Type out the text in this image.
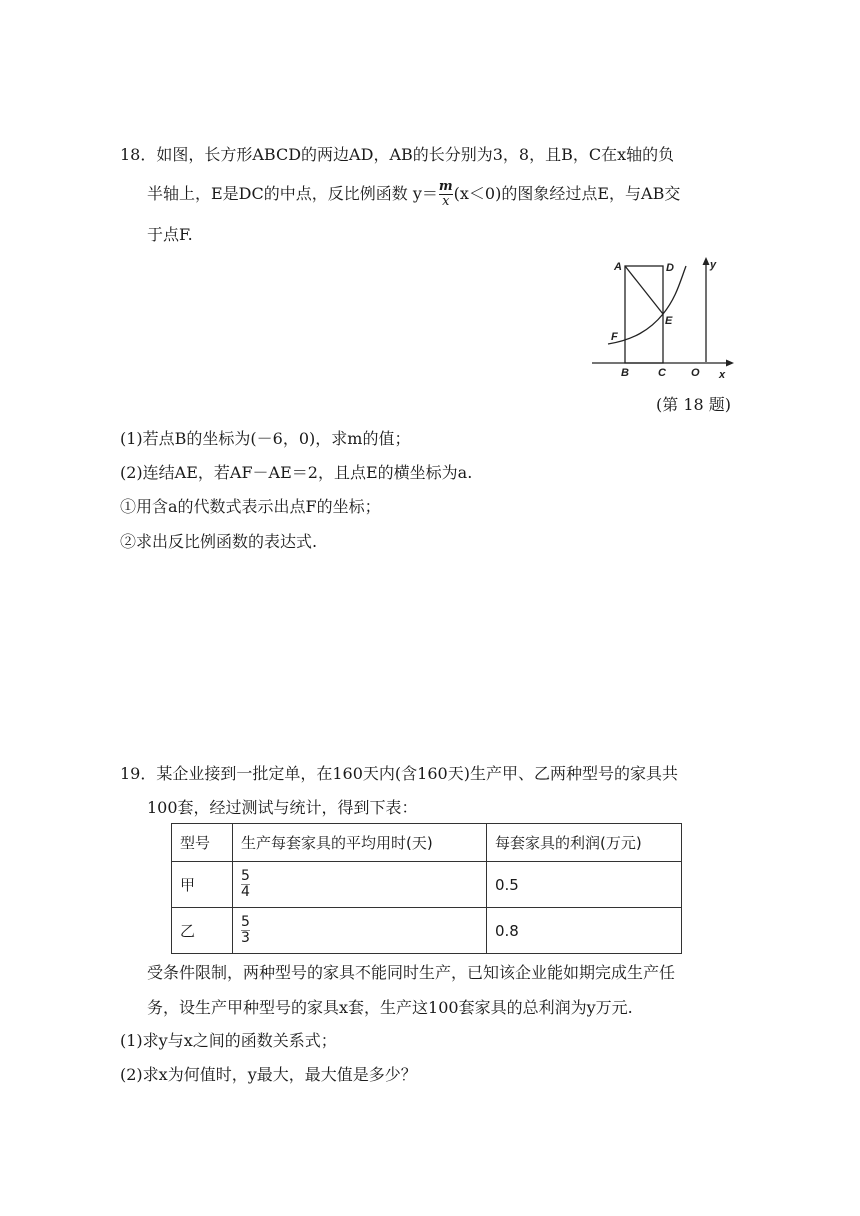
18．如图，长方形ABCD的两边AD，AB的长分别为3，8，且B，C在x轴的负
半轴上，E是DC的中点，反比例函数 $y= \frac{m}{x} (x<0)$的图象经过点E，与AB交
于点F.
A	D	y
E
F
B	C O x
(第 18 题)
(1)若点B的坐标为(－6，0)，求m的值；
(2)连结AE，若AF－AE＝2，且点E的横坐标为a.
①用含a的代数式表示出点F的坐标；
②求出反比例函数的表达式.
19．某企业接到一批定单，在160天内(含160天)生产甲、乙两种型号的家具共
100套，经过测试与统计，得到下表：
型号	生产每套家具的平均用时(天)	每套家具的利润(万元)
甲	$\frac{5}{4}$	0.5
乙	$\frac{5}{3}$	0.8
受条件限制，两种型号的家具不能同时生产，已知该企业能如期完成生产任
务，设生产甲种型号的家具x套，生产这100套家具的总利润为y万元.
(1)求y与x之间的函数关系式；
(2)求x为何值时，y最大，最大值是多少？
